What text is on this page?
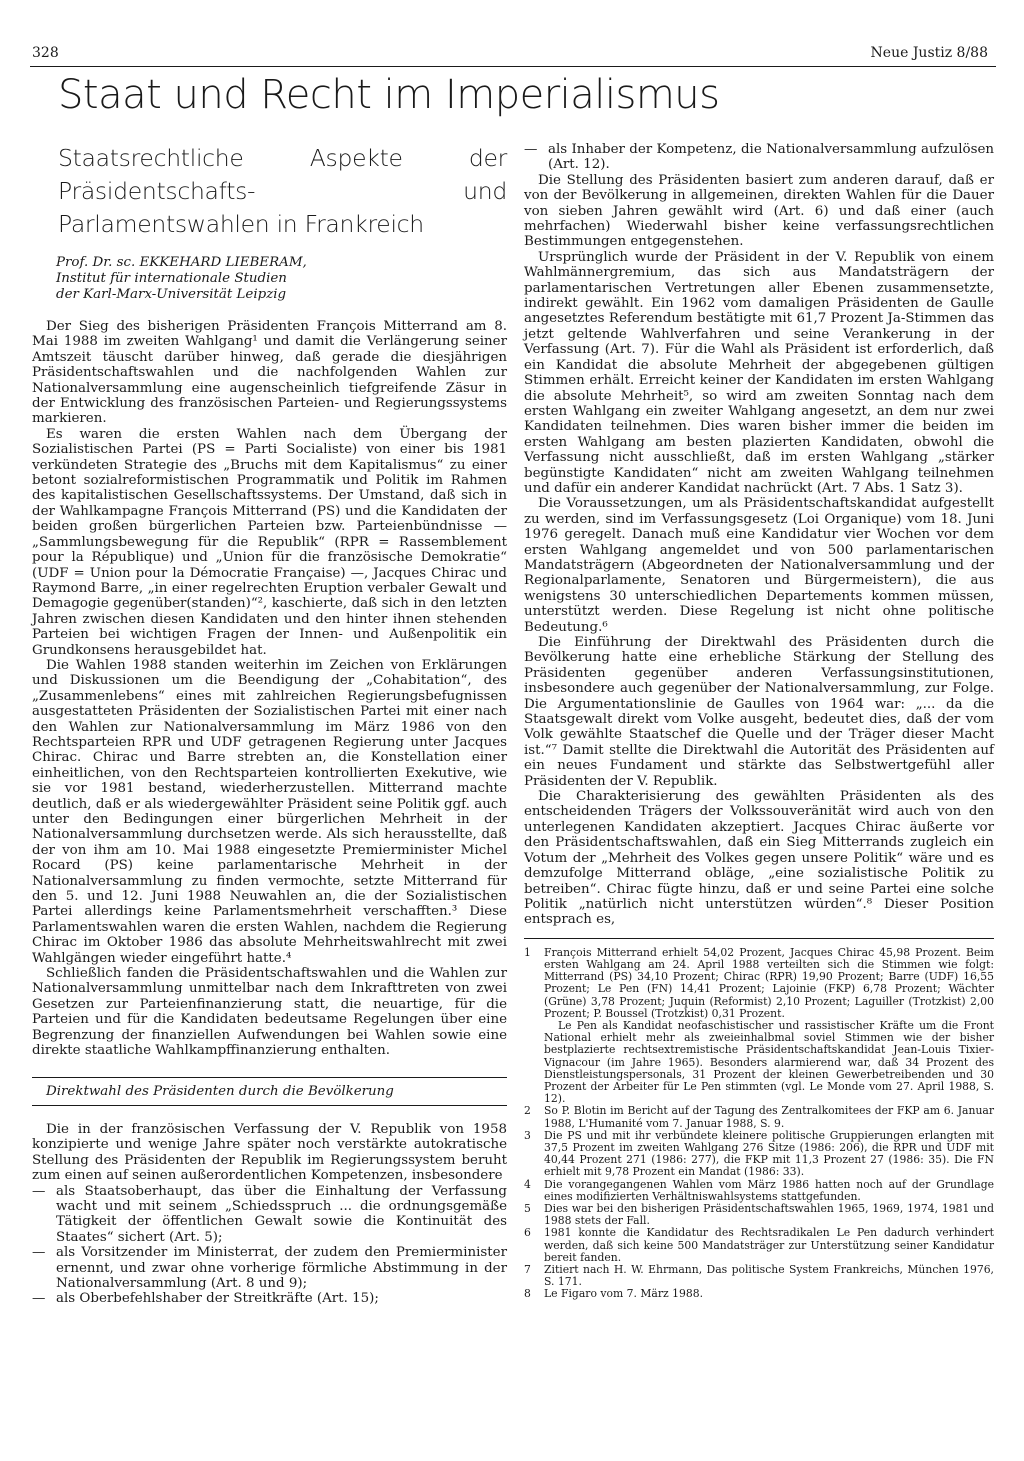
328	Neue Justiz 8/88
Staat und Recht im Imperialismus
Staatsrechtliche Aspekte der Präsidentschafts- und Parlamentswahlen in Frankreich
Prof. Dr. sc. EKKEHARD LIEBERAM,
Institut für internationale Studien
der Karl-Marx-Universität Leipzig

Der Sieg des bisherigen Präsidenten François Mitterrand am 8. Mai 1988 im zweiten Wahlgang¹ und damit die Verlängerung seiner Amtszeit täuscht darüber hinweg, daß gerade die diesjährigen Präsidentschaftswahlen und die nachfolgenden Wahlen zur Nationalversammlung eine augenscheinlich tiefgreifende Zäsur in der Entwicklung des französischen Parteien- und Regierungssystems markieren.

Es waren die ersten Wahlen nach dem Übergang der Sozialistischen Partei (PS = Parti Socialiste) von einer bis 1981 verkündeten Strategie des „Bruchs mit dem Kapitalismus“ zu einer betont sozialreformistischen Programmatik und Politik im Rahmen des kapitalistischen Gesellschaftssystems. Der Umstand, daß sich in der Wahlkampagne François Mitterrand (PS) und die Kandidaten der beiden großen bürgerlichen Parteien bzw. Parteienbündnisse — „Sammlungsbewegung für die Republik“ (RPR = Rassemblement pour la République) und „Union für die französische Demokratie“ (UDF = Union pour la Démocratie Française) —, Jacques Chirac und Raymond Barre, „in einer regelrechten Eruption verbaler Gewalt und Demagogie gegenüber(standen)“², kaschierte, daß sich in den letzten Jahren zwischen diesen Kandidaten und den hinter ihnen stehenden Parteien bei wichtigen Fragen der Innen- und Außenpolitik ein Grundkonsens herausgebildet hat.

Die Wahlen 1988 standen weiterhin im Zeichen von Erklärungen und Diskussionen um die Beendigung der „Cohabitation“, des „Zusammenlebens“ eines mit zahlreichen Regierungsbefugnissen ausgestatteten Präsidenten der Sozialistischen Partei mit einer nach den Wahlen zur Nationalversammlung im März 1986 von den Rechtsparteien RPR und UDF getragenen Regierung unter Jacques Chirac. Chirac und Barre strebten an, die Konstellation einer einheitlichen, von den Rechtsparteien kontrollierten Exekutive, wie sie vor 1981 bestand, wiederherzustellen. Mitterrand machte deutlich, daß er als wiedergewählter Präsident seine Politik ggf. auch unter den Bedingungen einer bürgerlichen Mehrheit in der Nationalversammlung durchsetzen werde. Als sich herausstellte, daß der von ihm am 10. Mai 1988 eingesetzte Premierminister Michel Rocard (PS) keine parlamentarische Mehrheit in der Nationalversammlung zu finden vermochte, setzte Mitterrand für den 5. und 12. Juni 1988 Neuwahlen an, die der Sozialistischen Partei allerdings keine Parlamentsmehrheit verschafften.³ Diese Parlamentswahlen waren die ersten Wahlen, nachdem die Regierung Chirac im Oktober 1986 das absolute Mehrheitswahlrecht mit zwei Wahlgängen wieder eingeführt hatte.⁴

Schließlich fanden die Präsidentschaftswahlen und die Wahlen zur Nationalversammlung unmittelbar nach dem Inkrafttreten von zwei Gesetzen zur Parteienfinanzierung statt, die neuartige, für die Parteien und für die Kandidaten bedeutsame Regelungen über eine Begrenzung der finanziellen Aufwendungen bei Wahlen sowie eine direkte staatliche Wahlkampffinanzierung enthalten.

Direktwahl des Präsidenten durch die Bevölkerung

Die in der französischen Verfassung der V. Republik von 1958 konzipierte und wenige Jahre später noch verstärkte autokratische Stellung des Präsidenten der Republik im Regierungssystem beruht zum einen auf seinen außerordentlichen Kompetenzen, insbesondere

— als Staatsoberhaupt, das über die Einhaltung der Verfassung wacht und mit seinem „Schiedsspruch ... die ordnungsgemäße Tätigkeit der öffentlichen Gewalt sowie die Kontinuität des Staates“ sichert (Art. 5);
— als Vorsitzender im Ministerrat, der zudem den Premierminister ernennt, und zwar ohne vorherige förmliche Abstimmung in der Nationalversammlung (Art. 8 und 9);
— als Oberbefehlshaber der Streitkräfte (Art. 15);
— als Inhaber der Kompetenz, die Nationalversammlung aufzulösen (Art. 12).

Die Stellung des Präsidenten basiert zum anderen darauf, daß er von der Bevölkerung in allgemeinen, direkten Wahlen für die Dauer von sieben Jahren gewählt wird (Art. 6) und daß einer (auch mehrfachen) Wiederwahl bisher keine verfassungsrechtlichen Bestimmungen entgegenstehen.

Ursprünglich wurde der Präsident in der V. Republik von einem Wahlmännergremium, das sich aus Mandatsträgern der parlamentarischen Vertretungen aller Ebenen zusammensetzte, indirekt gewählt. Ein 1962 vom damaligen Präsidenten de Gaulle angesetztes Referendum bestätigte mit 61,7 Prozent Ja-Stimmen das jetzt geltende Wahlverfahren und seine Verankerung in der Verfassung (Art. 7). Für die Wahl als Präsident ist erforderlich, daß ein Kandidat die absolute Mehrheit der abgegebenen gültigen Stimmen erhält. Erreicht keiner der Kandidaten im ersten Wahlgang die absolute Mehrheit⁵, so wird am zweiten Sonntag nach dem ersten Wahlgang ein zweiter Wahlgang angesetzt, an dem nur zwei Kandidaten teilnehmen. Dies waren bisher immer die beiden im ersten Wahlgang am besten plazierten Kandidaten, obwohl die Verfassung nicht ausschließt, daß im ersten Wahlgang „stärker begünstigte Kandidaten“ nicht am zweiten Wahlgang teilnehmen und dafür ein anderer Kandidat nachrückt (Art. 7 Abs. 1 Satz 3).

Die Voraussetzungen, um als Präsidentschaftskandidat aufgestellt zu werden, sind im Verfassungsgesetz (Loi Organique) vom 18. Juni 1976 geregelt. Danach muß eine Kandidatur vier Wochen vor dem ersten Wahlgang angemeldet und von 500 parlamentarischen Mandatsträgern (Abgeordneten der Nationalversammlung und der Regionalparlamente, Senatoren und Bürgermeistern), die aus wenigstens 30 unterschiedlichen Departements kommen müssen, unterstützt werden. Diese Regelung ist nicht ohne politische Bedeutung.⁶

Die Einführung der Direktwahl des Präsidenten durch die Bevölkerung hatte eine erhebliche Stärkung der Stellung des Präsidenten gegenüber anderen Verfassungsinstitutionen, insbesondere auch gegenüber der Nationalversammlung, zur Folge. Die Argumentationslinie de Gaulles von 1964 war: „... da die Staatsgewalt direkt vom Volke ausgeht, bedeutet dies, daß der vom Volk gewählte Staatschef die Quelle und der Träger dieser Macht ist.“⁷ Damit stellte die Direktwahl die Autorität des Präsidenten auf ein neues Fundament und stärkte das Selbstwertgefühl aller Präsidenten der V. Republik.

Die Charakterisierung des gewählten Präsidenten als des entscheidenden Trägers der Volkssouveränität wird auch von den unterlegenen Kandidaten akzeptiert. Jacques Chirac äußerte vor den Präsidentschaftswahlen, daß ein Sieg Mitterrands zugleich ein Votum der „Mehrheit des Volkes gegen unsere Politik“ wäre und es demzufolge Mitterrand obläge, „eine sozialistische Politik zu betreiben“. Chirac fügte hinzu, daß er und seine Partei eine solche Politik „natürlich nicht unterstützen würden“.⁸ Dieser Position entsprach es,

1	François Mitterrand erhielt 54,02 Prozent, Jacques Chirac 45,98 Prozent. Beim ersten Wahlgang am 24. April 1988 verteilten sich die Stimmen wie folgt: Mitterrand (PS) 34,10 Prozent; Chirac (RPR) 19,90 Prozent; Barre (UDF) 16,55 Prozent; Le Pen (FN) 14,41 Prozent; Lajoinie (FKP) 6,78 Prozent; Wächter (Grüne) 3,78 Prozent; Juquin (Reformist) 2,10 Prozent; Laguiller (Trotzkist) 2,00 Prozent; P. Boussel (Trotzkist) 0,31 Prozent.
Le Pen als Kandidat neofaschistischer und rassistischer Kräfte um die Front National erhielt mehr als zweieinhalbmal soviel Stimmen wie der bisher bestplazierte rechtsextremistische Präsidentschaftskandidat Jean-Louis Tixier-Vignacour (im Jahre 1965). Besonders alarmierend war, daß 34 Prozent des Dienstleistungspersonals, 31 Prozent der kleinen Gewerbetreibenden und 30 Prozent der Arbeiter für Le Pen stimmten (vgl. Le Monde vom 27. April 1988, S. 12).
2	So P. Blotin im Bericht auf der Tagung des Zentralkomitees der FKP am 6. Januar 1988, L'Humanité vom 7. Januar 1988, S. 9.
3	Die PS und mit ihr verbündete kleinere politische Gruppierungen erlangten mit 37,5 Prozent im zweiten Wahlgang 276 Sitze (1986: 206), die RPR und UDF mit 40,44 Prozent 271 (1986: 277), die FKP mit 11,3 Prozent 27 (1986: 35). Die FN erhielt mit 9,78 Prozent ein Mandat (1986: 33).
4	Die vorangegangenen Wahlen vom März 1986 hatten noch auf der Grundlage eines modifizierten Verhältniswahlsystems stattgefunden.
5	Dies war bei den bisherigen Präsidentschaftswahlen 1965, 1969, 1974, 1981 und 1988 stets der Fall.
6	1981 konnte die Kandidatur des Rechtsradikalen Le Pen dadurch verhindert werden, daß sich keine 500 Mandatsträger zur Unterstützung seiner Kandidatur bereit fanden.
7	Zitiert nach H. W. Ehrmann, Das politische System Frankreichs, München 1976, S. 171.
8	Le Figaro vom 7. März 1988.
